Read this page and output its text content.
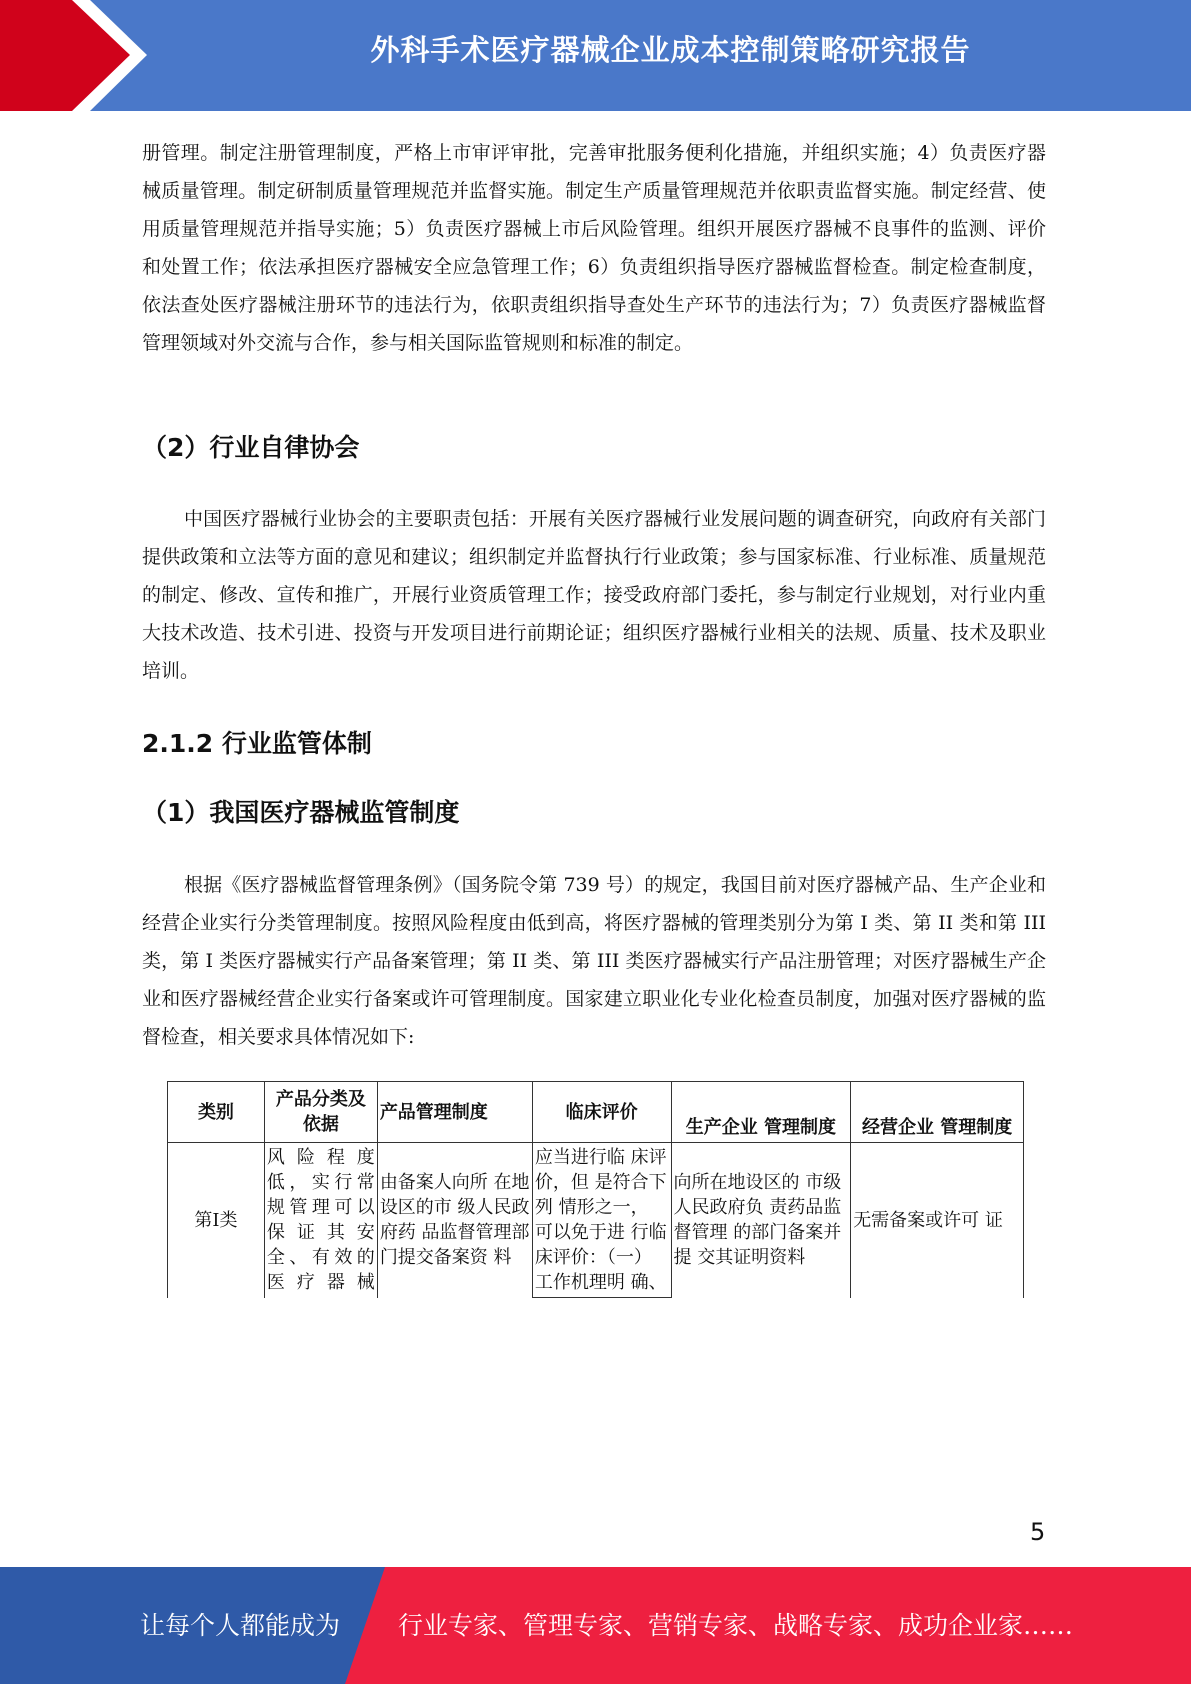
外科手术医疗器械企业成本控制策略研究报告

册管理。制定注册管理制度，严格上市审评审批，完善审批服务便利化措施，并组织实施；4）负责医疗器械质量管理。制定研制质量管理规范并监督实施。制定生产质量管理规范并依职责监督实施。制定经营、使用质量管理规范并指导实施；5）负责医疗器械上市后风险管理。组织开展医疗器械不良事件的监测、评价和处置工作；依法承担医疗器械安全应急管理工作；6）负责组织指导医疗器械监督检查。制定检查制度，依法查处医疗器械注册环节的违法行为，依职责组织指导查处生产环节的违法行为；7）负责医疗器械监督管理领域对外交流与合作，参与相关国际监管规则和标准的制定。

（2）行业自律协会

中国医疗器械行业协会的主要职责包括：开展有关医疗器械行业发展问题的调查研究，向政府有关部门提供政策和立法等方面的意见和建议；组织制定并监督执行行业政策；参与国家标准、行业标准、质量规范的制定、修改、宣传和推广，开展行业资质管理工作；接受政府部门委托，参与制定行业规划，对行业内重大技术改造、技术引进、投资与开发项目进行前期论证；组织医疗器械行业相关的法规、质量、技术及职业培训。

2.1.2 行业监管体制
（1）我国医疗器械监管制度

根据《医疗器械监督管理条例》（国务院令第 739 号）的规定，我国目前对医疗器械产品、生产企业和经营企业实行分类管理制度。按照风险程度由低到高，将医疗器械的管理类别分为第 I 类、第 II 类和第 III 类，第 I 类医疗器械实行产品备案管理；第 II 类、第 III 类医疗器械实行产品注册管理；对医疗器械生产企业和医疗器械经营企业实行备案或许可管理制度。国家建立职业化专业化检查员制度，加强对医疗器械的监督检查，相关要求具体情况如下:

类别	产品分类及依据	产品管理制度	临床评价	生产企业 管理制度	经营企业 管理制度
第Ⅰ类	风险程度低，实行常规管理可以保证其安全、有效的医疗器械	由备案人向所 在地设区的市 级人民政府药 品监督管理部 门提交备案资 料	应当进行临 床评价，但 是符合下列 情形之一， 可以免于进 行临床评价：（一）工作机理明 确、	向所在地设区的 市级人民政府负 责药品监督管理 的部门备案并提 交其证明资料	无需备案或许可 证
5
让每个人都能成为 行业专家、管理专家、营销专家、战略专家、成功企业家……
